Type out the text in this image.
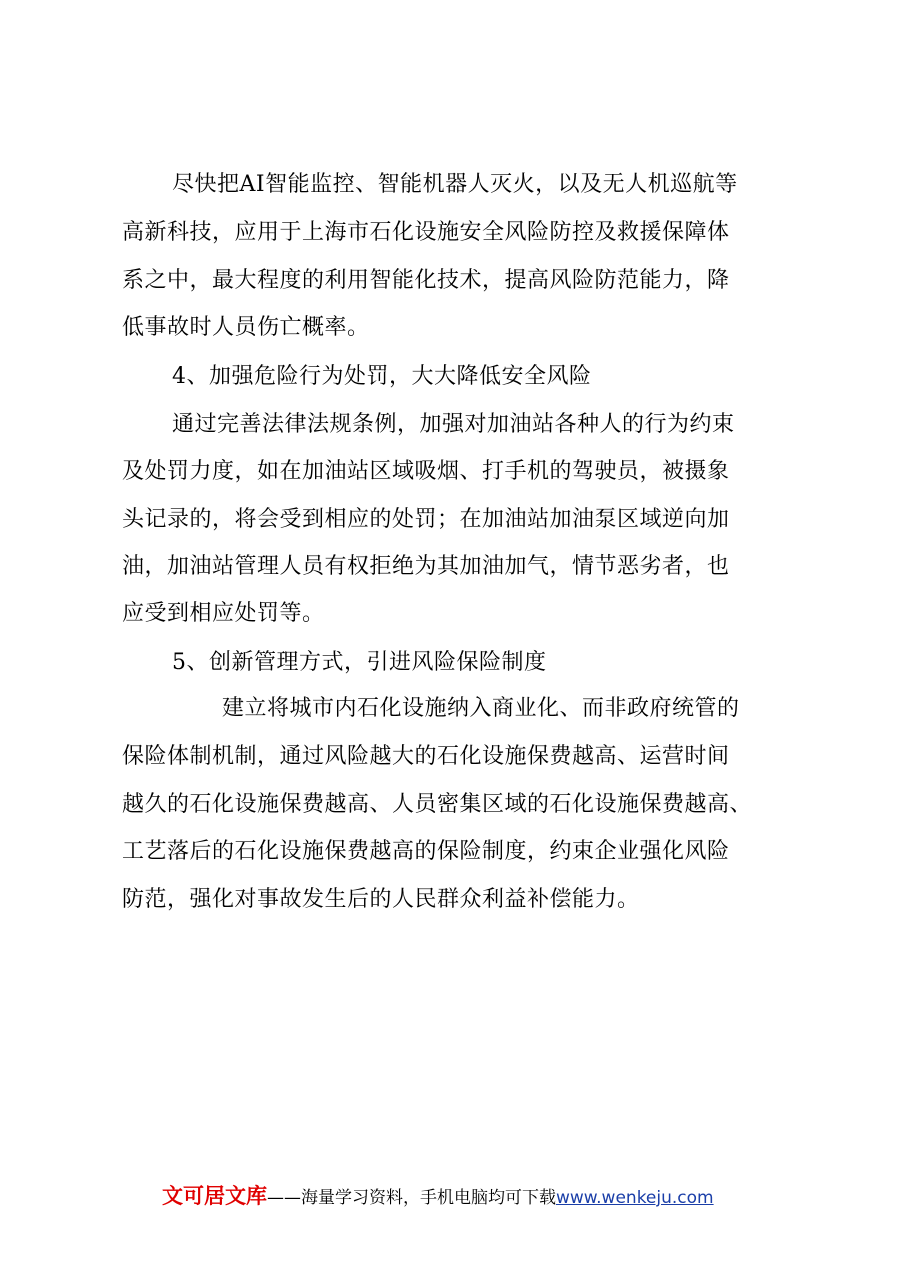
尽快把AI智能监控、智能机器人灭火，以及无人机巡航等
高新科技，应用于上海市石化设施安全风险防控及救援保障体
系之中，最大程度的利用智能化技术，提高风险防范能力，降
低事故时人员伤亡概率。
4、加强危险行为处罚，大大降低安全风险
通过完善法律法规条例，加强对加油站各种人的行为约束
及处罚力度，如在加油站区域吸烟、打手机的驾驶员，被摄象
头记录的，将会受到相应的处罚；在加油站加油泵区域逆向加
油，加油站管理人员有权拒绝为其加油加气，情节恶劣者，也
应受到相应处罚等。
5、创新管理方式，引进风险保险制度
建立将城市内石化设施纳入商业化、而非政府统管的
保险体制机制，通过风险越大的石化设施保费越高、运营时间
越久的石化设施保费越高、人员密集区域的石化设施保费越高、
工艺落后的石化设施保费越高的保险制度，约束企业强化风险
防范，强化对事故发生后的人民群众利益补偿能力。
文可居文库——海量学习资料，手机电脑均可下载www.wenkeju.com
